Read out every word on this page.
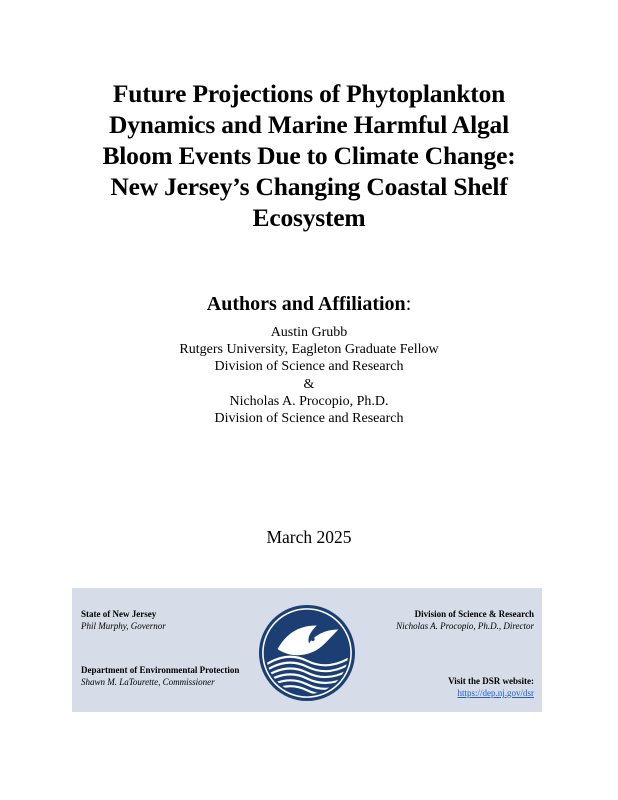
Future Projections of Phytoplankton
Dynamics and Marine Harmful Algal
Bloom Events Due to Climate Change:
New Jersey’s Changing Coastal Shelf
Ecosystem
Authors and Affiliation:
Austin Grubb
Rutgers University, Eagleton Graduate Fellow
Division of Science and Research
&
Nicholas A. Procopio, Ph.D.
Division of Science and Research
March 2025
State of New Jersey
Phil Murphy, Governor
Department of Environmental Protection
Shawn M. LaTourette, Commissioner
Division of Science & Research
Nicholas A. Procopio, Ph.D., Director
Visit the DSR website:
https://dep.nj.gov/dsr
